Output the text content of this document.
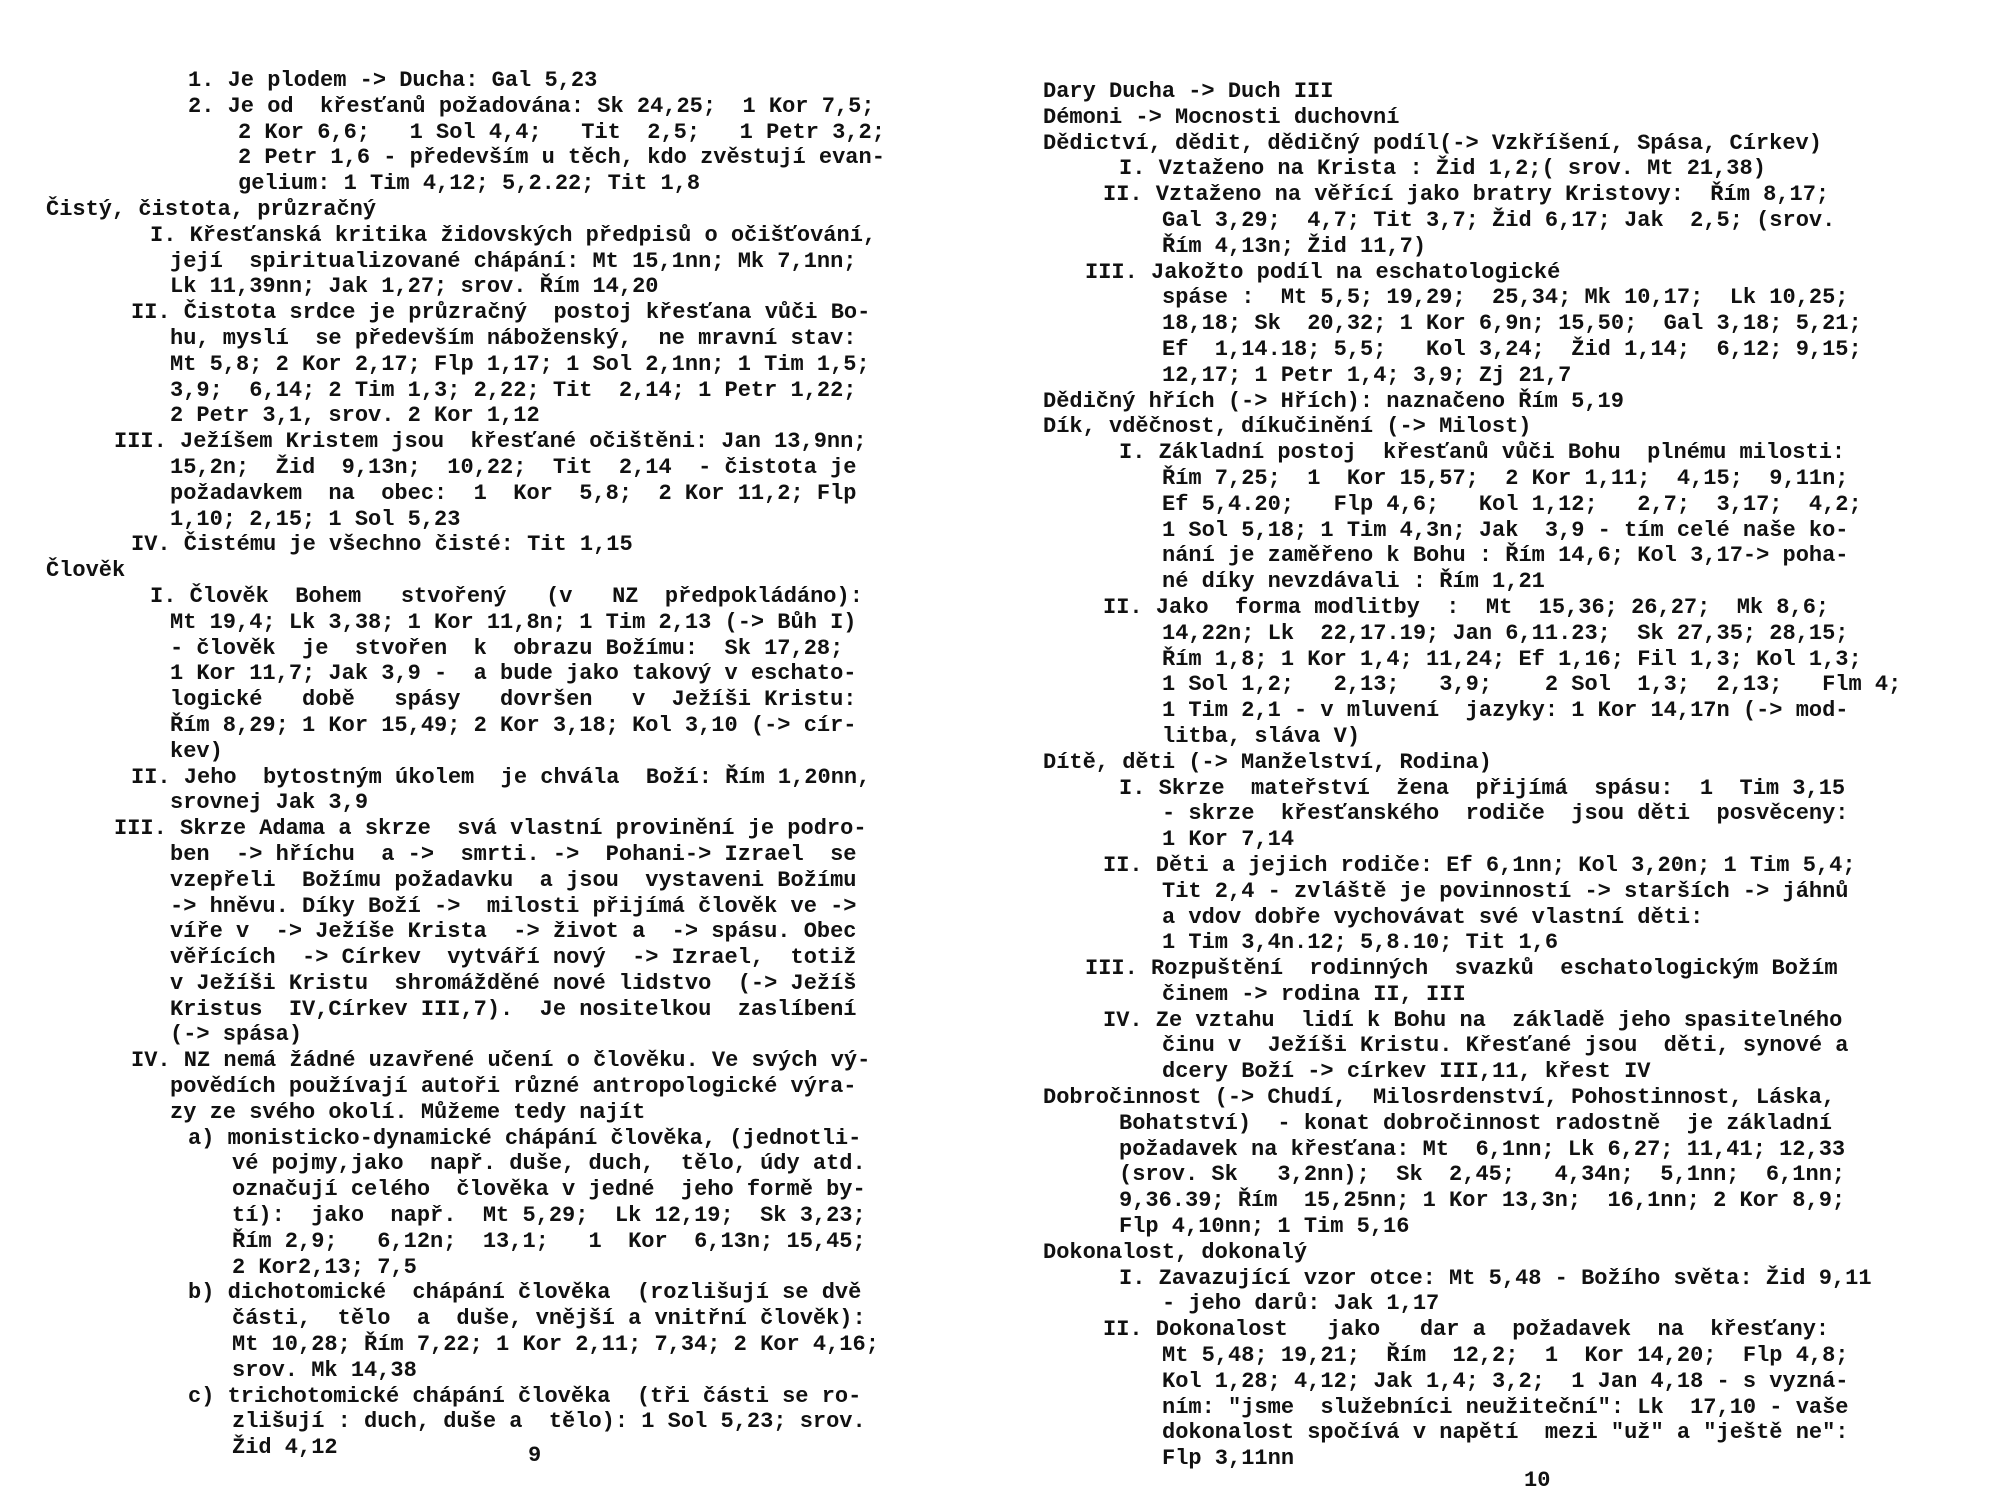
1. Je plodem -> Ducha: Gal 5,23
2. Je od  křesťanů požadována: Sk 24,25;  1 Kor 7,5;
2 Kor 6,6;   1 Sol 4,4;   Tit  2,5;   1 Petr 3,2;
2 Petr 1,6 - především u těch, kdo zvěstují evan-
gelium: 1 Tim 4,12; 5,2.22; Tit 1,8
Čistý, čistota, průzračný
I. Křesťanská kritika židovských předpisů o očišťování,
její  spiritualizované chápání: Mt 15,1nn; Mk 7,1nn;
Lk 11,39nn; Jak 1,27; srov. Řím 14,20
II. Čistota srdce je průzračný  postoj křesťana vůči Bo-
hu, myslí  se především náboženský,  ne mravní stav:
Mt 5,8; 2 Kor 2,17; Flp 1,17; 1 Sol 2,1nn; 1 Tim 1,5;
3,9;  6,14; 2 Tim 1,3; 2,22; Tit  2,14; 1 Petr 1,22;
2 Petr 3,1, srov. 2 Kor 1,12
III. Ježíšem Kristem jsou  křesťané očištěni: Jan 13,9nn;
15,2n;  Žid  9,13n;  10,22;  Tit  2,14  - čistota je
požadavkem  na  obec:  1  Kor  5,8;  2 Kor 11,2; Flp
1,10; 2,15; 1 Sol 5,23
IV. Čistému je všechno čisté: Tit 1,15
Člověk
I. Člověk  Bohem   stvořený   (v   NZ  předpokládáno):
Mt 19,4; Lk 3,38; 1 Kor 11,8n; 1 Tim 2,13 (-> Bůh I)
- člověk  je  stvořen  k  obrazu Božímu:  Sk 17,28;
1 Kor 11,7; Jak 3,9 -  a bude jako takový v eschato-
logické   době   spásy   dovršen   v  Ježíši Kristu:
Řím 8,29; 1 Kor 15,49; 2 Kor 3,18; Kol 3,10 (-> cír-
kev)
II. Jeho  bytostným úkolem  je chvála  Boží: Řím 1,20nn,
srovnej Jak 3,9
III. Skrze Adama a skrze  svá vlastní provinění je podro-
ben  -> hříchu  a ->  smrti. ->  Pohani-> Izrael  se
vzepřeli  Božímu požadavku  a jsou  vystaveni Božímu
-> hněvu. Díky Boží ->  milosti přijímá člověk ve ->
víře v  -> Ježíše Krista  -> život a  -> spásu. Obec
věřících  -> Církev  vytváří nový  -> Izrael,  totiž
v Ježíši Kristu  shromážděné nové lidstvo  (-> Ježíš
Kristus  IV,Církev III,7).  Je nositelkou  zaslíbení
(-> spása)
IV. NZ nemá žádné uzavřené učení o člověku. Ve svých vý-
povědích používají autoři různé antropologické výra-
zy ze svého okolí. Můžeme tedy najít
a) monisticko-dynamické chápání člověka, (jednotli-
vé pojmy,jako  např. duše, duch,  tělo, údy atd.
označují celého  člověka v jedné  jeho formě by-
tí):  jako  např.  Mt 5,29;  Lk 12,19;  Sk 3,23;
Řím 2,9;   6,12n;  13,1;   1  Kor  6,13n; 15,45;
2 Kor2,13; 7,5
b) dichotomické  chápání člověka  (rozlišují se dvě
části,  tělo  a  duše, vnější a vnitřní člověk):
Mt 10,28; Řím 7,22; 1 Kor 2,11; 7,34; 2 Kor 4,16;
srov. Mk 14,38
c) trichotomické chápání člověka  (tři části se ro-
zlišují : duch, duše a  tělo): 1 Sol 5,23; srov.
Žid 4,12	9
Dary Ducha -> Duch III
Démoni -> Mocnosti duchovní
Dědictví, dědit, dědičný podíl(-> Vzkříšení, Spása, Církev)
I. Vztaženo na Krista : Žid 1,2;( srov. Mt 21,38)
II. Vztaženo na věřící jako bratry Kristovy:  Řím 8,17;
Gal 3,29;  4,7; Tit 3,7; Žid 6,17; Jak  2,5; (srov.
Řím 4,13n; Žid 11,7)
III. Jakožto podíl na eschatologické
spáse :  Mt 5,5; 19,29;  25,34; Mk 10,17;  Lk 10,25;
18,18; Sk  20,32; 1 Kor 6,9n; 15,50;  Gal 3,18; 5,21;
Ef  1,14.18; 5,5;   Kol 3,24;  Žid 1,14;  6,12; 9,15;
12,17; 1 Petr 1,4; 3,9; Zj 21,7
Dědičný hřích (-> Hřích): naznačeno Řím 5,19
Dík, vděčnost, díkučinění (-> Milost)
I. Základní postoj  křesťanů vůči Bohu  plnému milosti:
Řím 7,25;  1  Kor 15,57;  2 Kor 1,11;  4,15;  9,11n;
Ef 5,4.20;   Flp 4,6;   Kol 1,12;   2,7;  3,17;  4,2;
1 Sol 5,18; 1 Tim 4,3n; Jak  3,9 - tím celé naše ko-
nání je zaměřeno k Bohu : Řím 14,6; Kol 3,17-> poha-
né díky nevzdávali : Řím 1,21
II. Jako  forma modlitby  :  Mt  15,36; 26,27;  Mk 8,6;
14,22n; Lk  22,17.19; Jan 6,11.23;  Sk 27,35; 28,15;
Řím 1,8; 1 Kor 1,4; 11,24; Ef 1,16; Fil 1,3; Kol 1,3;
1 Sol 1,2;   2,13;   3,9;    2 Sol  1,3;  2,13;   Flm 4;
1 Tim 2,1 - v mluvení  jazyky: 1 Kor 14,17n (-> mod-
litba, sláva V)
Dítě, děti (-> Manželství, Rodina)
I. Skrze  mateřství  žena  přijímá  spásu:  1  Tim 3,15
- skrze  křesťanského  rodiče  jsou děti  posvěceny:
1 Kor 7,14
II. Děti a jejich rodiče: Ef 6,1nn; Kol 3,20n; 1 Tim 5,4;
Tit 2,4 - zvláště je povinností -> starších -> jáhnů
a vdov dobře vychovávat své vlastní děti:
1 Tim 3,4n.12; 5,8.10; Tit 1,6
III. Rozpuštění  rodinných  svazků  eschatologickým Božím
činem -> rodina II, III
IV. Ze vztahu  lidí k Bohu na  základě jeho spasitelného
činu v  Ježíši Kristu. Křesťané jsou  děti, synové a
dcery Boží -> církev III,11, křest IV
Dobročinnost (-> Chudí,  Milosrdenství, Pohostinnost, Láska,
Bohatství)  - konat dobročinnost radostně  je základní
požadavek na křesťana: Mt  6,1nn; Lk 6,27; 11,41; 12,33
(srov. Sk   3,2nn);  Sk  2,45;   4,34n;  5,1nn;  6,1nn;
9,36.39; Řím  15,25nn; 1 Kor 13,3n;  16,1nn; 2 Kor 8,9;
Flp 4,10nn; 1 Tim 5,16
Dokonalost, dokonalý
I. Zavazující vzor otce: Mt 5,48 - Božího světa: Žid 9,11
- jeho darů: Jak 1,17
II. Dokonalost   jako   dar a  požadavek  na  křesťany:
Mt 5,48; 19,21;  Řím  12,2;  1  Kor 14,20;  Flp 4,8;
Kol 1,28; 4,12; Jak 1,4; 3,2;  1 Jan 4,18 - s vyzná-
ním: "jsme  služebníci neužiteční": Lk  17,10 - vaše
dokonalost spočívá v napětí  mezi "už" a "ještě ne":
Flp 3,11nn
10
